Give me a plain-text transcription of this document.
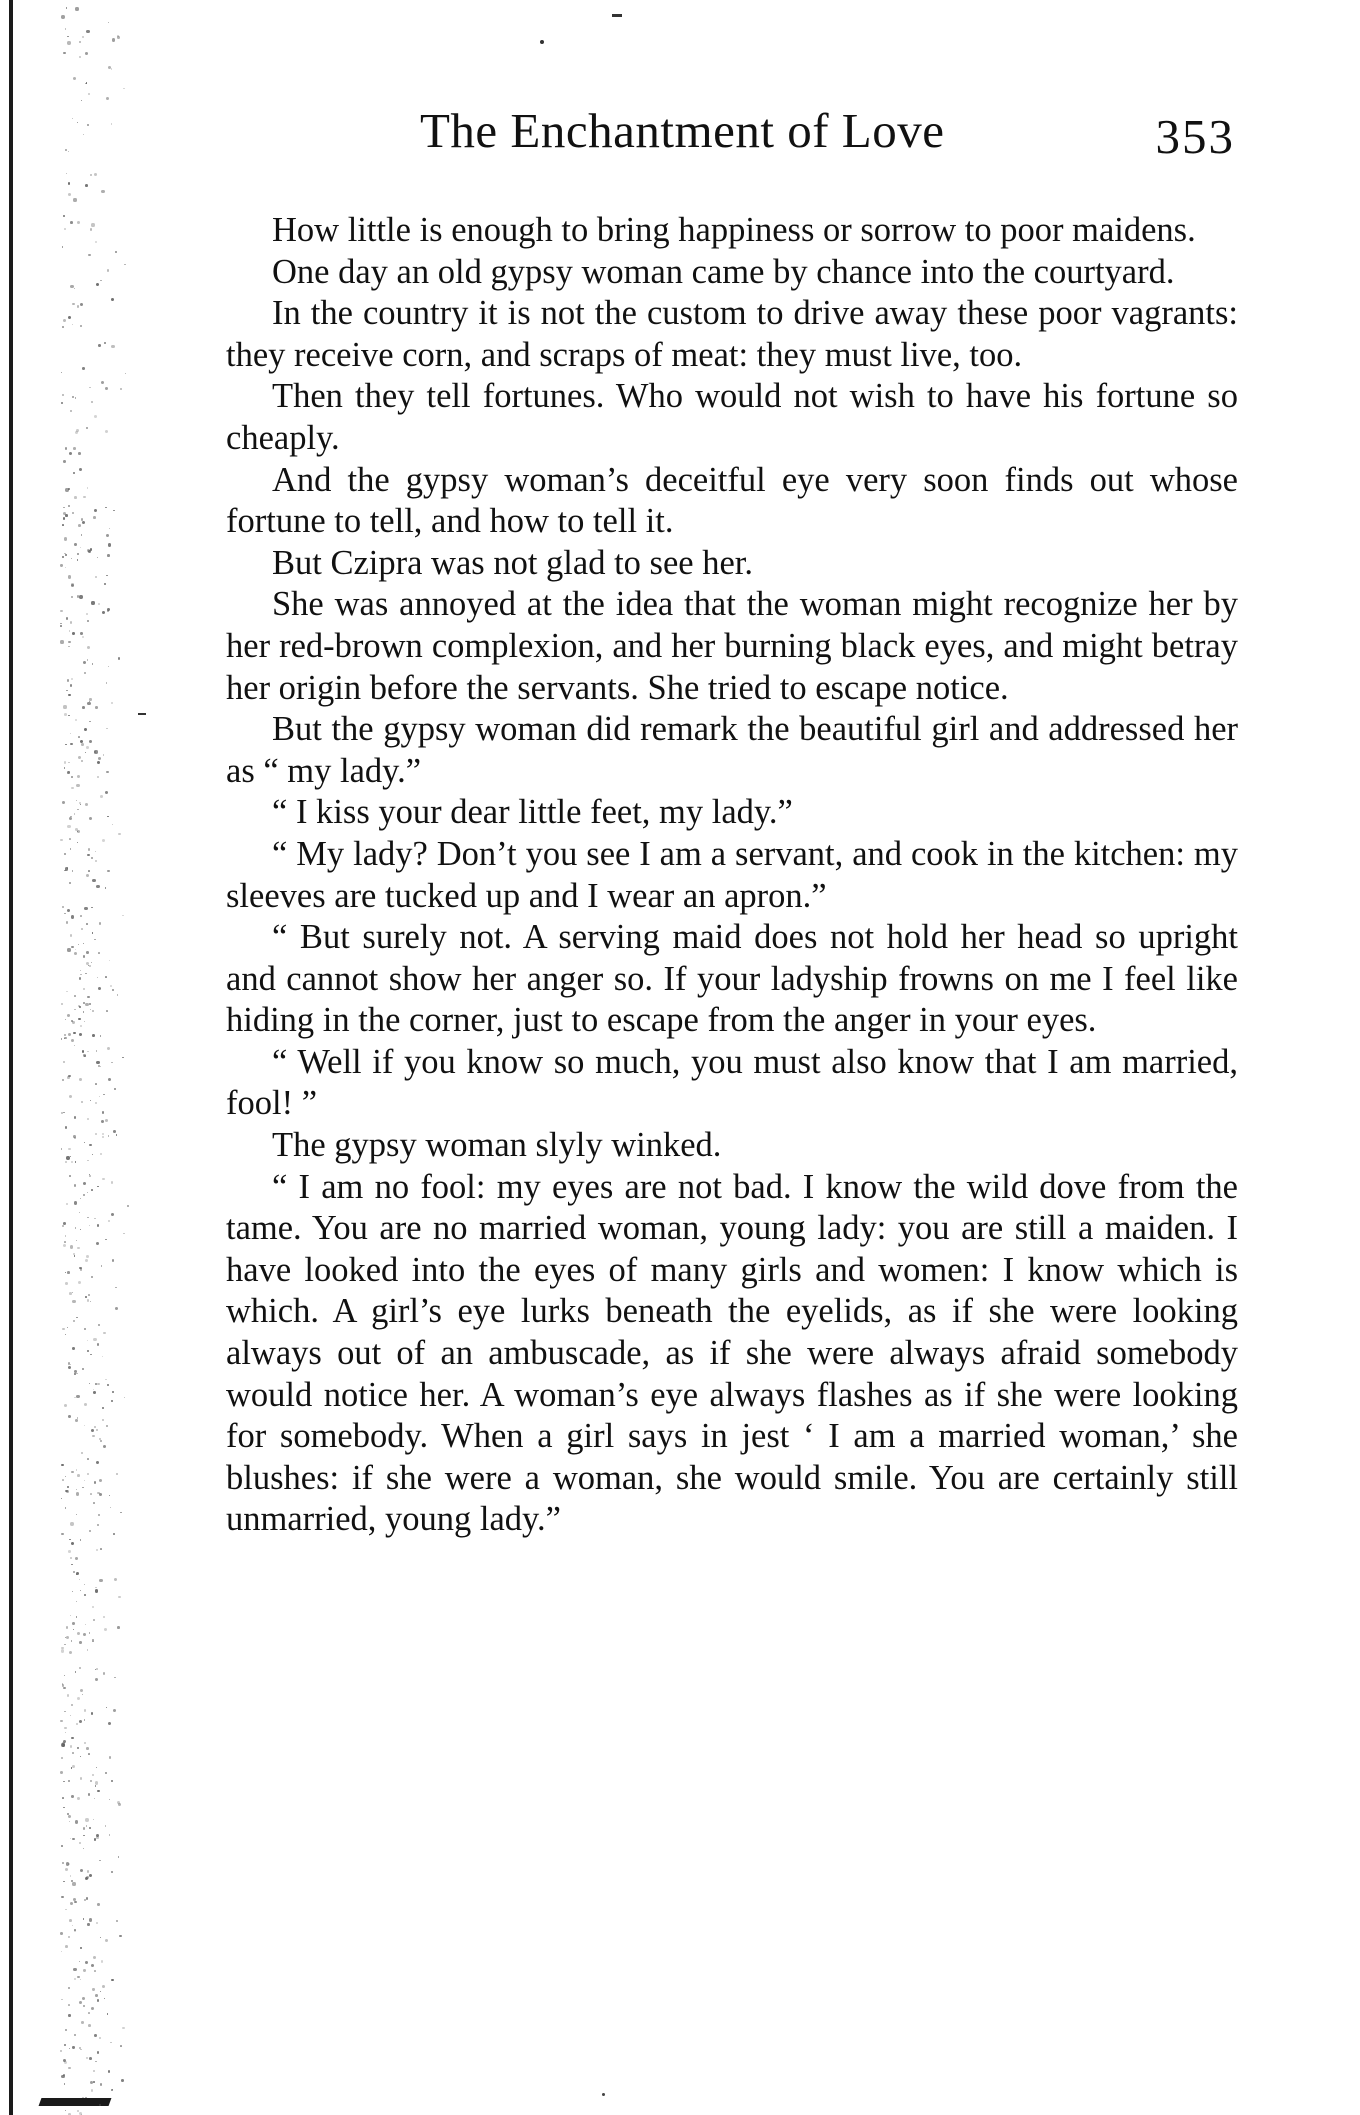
The Enchantment of Love	353

How little is enough to bring happiness or sorrow to poor maidens.

One day an old gypsy woman came by chance into the courtyard.

In the country it is not the custom to drive away these poor vagrants: they receive corn, and scraps of meat: they must live, too.

Then they tell fortunes. Who would not wish to have his fortune so cheaply.

And the gypsy woman’s deceitful eye very soon finds out whose fortune to tell, and how to tell it.

But Czipra was not glad to see her.

She was annoyed at the idea that the woman might recognize her by her red-brown complexion, and her burning black eyes, and might betray her origin before the servants. She tried to escape notice.

But the gypsy woman did remark the beautiful girl and addressed her as “ my lady.”

“ I kiss your dear little feet, my lady.”

“ My lady? Don’t you see I am a servant, and cook in the kitchen: my sleeves are tucked up and I wear an apron.”

“ But surely not. A serving maid does not hold her head so upright and cannot show her anger so. If your ladyship frowns on me I feel like hiding in the corner, just to escape from the anger in your eyes.

“ Well if you know so much, you must also know that I am married, fool! ”

The gypsy woman slyly winked.

“ I am no fool: my eyes are not bad. I know the wild dove from the tame. You are no married woman, young lady: you are still a maiden. I have looked into the eyes of many girls and women: I know which is which. A girl’s eye lurks beneath the eyelids, as if she were looking always out of an ambuscade, as if she were always afraid somebody would notice her. A woman’s eye always flashes as if she were looking for somebody. When a girl says in jest ‘ I am a married woman,’ she blushes: if she were a woman, she would smile. You are certainly still unmarried, young lady.”
